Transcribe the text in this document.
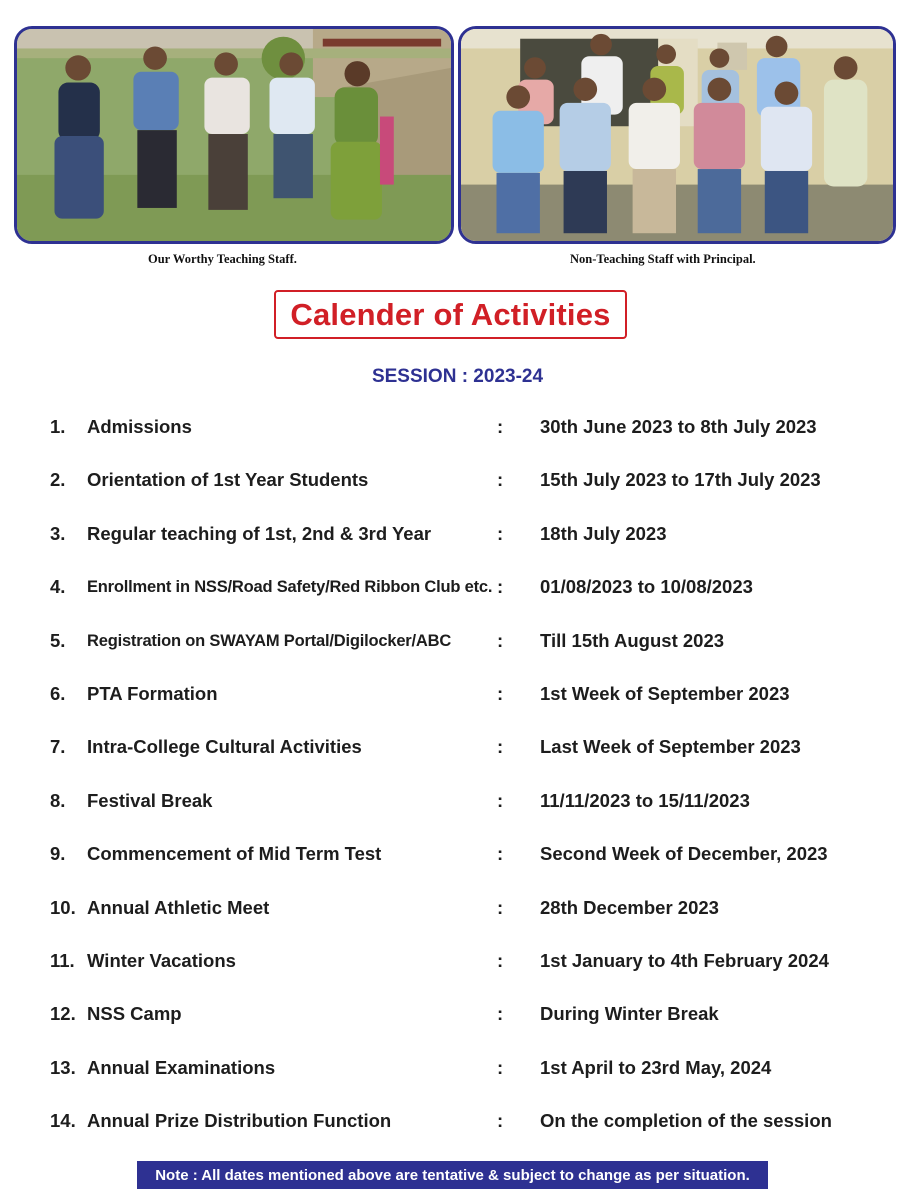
Our Worthy Teaching Staff.	Non-Teaching Staff with Principal.
Calender of Activities
SESSION : 2023-24
1. Admissions	: 30th June 2023 to 8th July 2023
2. Orientation of 1st Year Students	: 15th July 2023 to 17th July 2023
3. Regular teaching of 1st, 2nd & 3rd Year	: 18th July 2023
4. Enrollment in NSS/Road Safety/Red Ribbon Club etc. : 01/08/2023 to 10/08/2023
5. Registration on SWAYAM Portal/Digilocker/ABC : Till 15th August 2023
6. PTA Formation	: 1st Week of September 2023
7. Intra-College Cultural Activities	: Last Week of September 2023
8. Festival Break	: 11/11/2023 to 15/11/2023
9. Commencement of Mid Term Test	: Second Week of December, 2023
10. Annual Athletic Meet	: 28th December 2023
11. Winter Vacations	: 1st January to 4th February 2024
12. NSS Camp	: During Winter Break
13. Annual Examinations	: 1st April to 23rd May, 2024
14. Annual Prize Distribution Function	: On the completion of the session
Note : All dates mentioned above are tentative & subject to change as per situation.
